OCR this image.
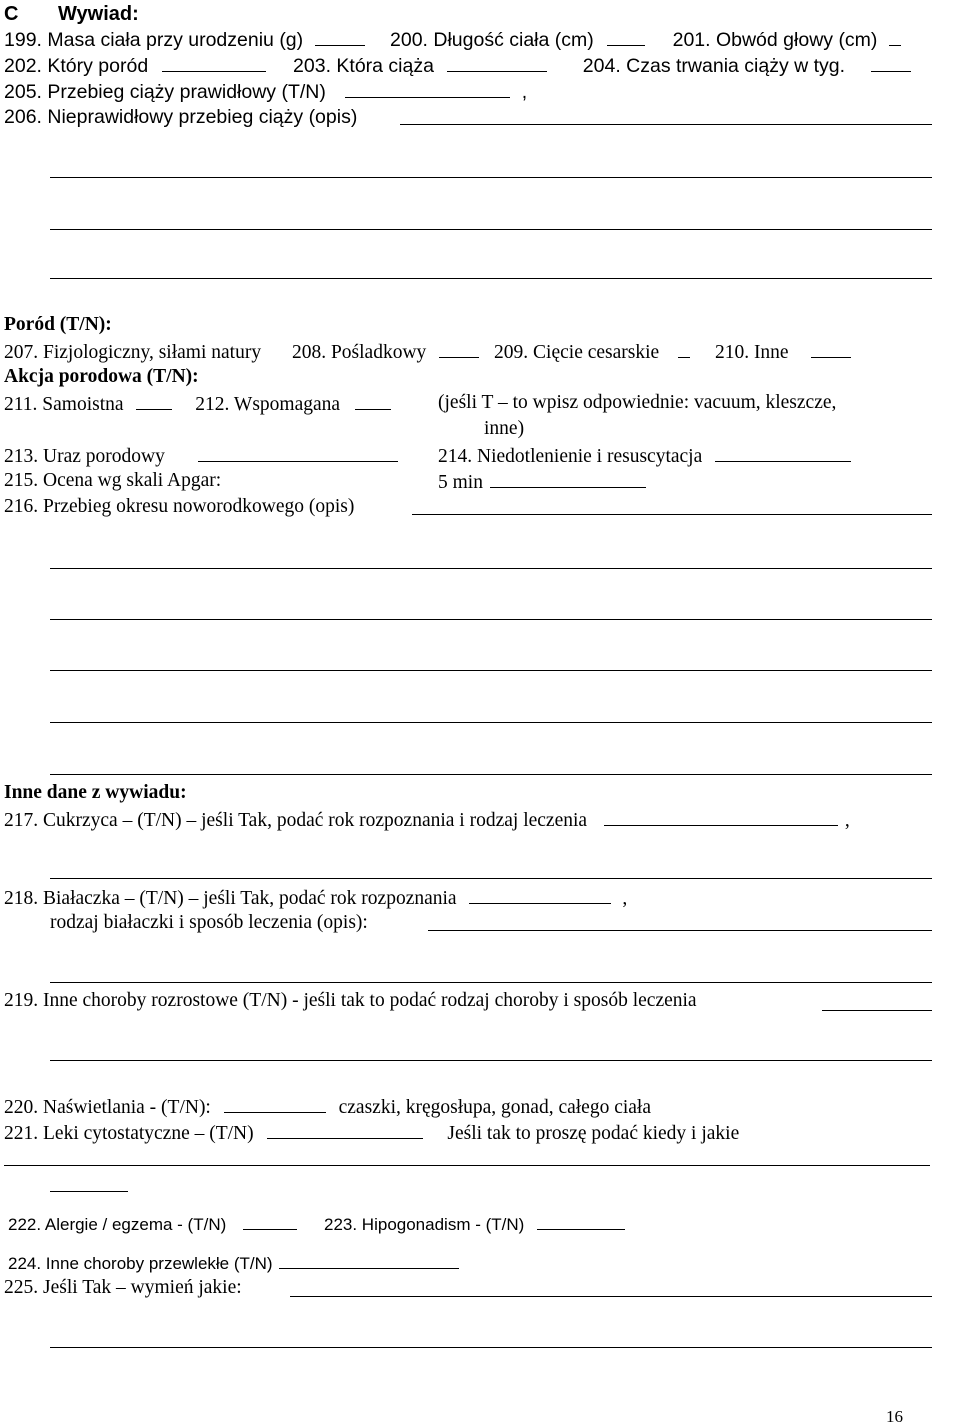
C Wywiad:
199. Masa ciała przy urodzeniu (g)	200. Długość ciała (cm)	201. Obwód głowy (cm)
202. Który poród	203. Która ciąża	204. Czas trwania ciąży w tyg.
205. Przebieg ciąży prawidłowy (T/N)	,
206. Nieprawidłowy przebieg ciąży (opis)
Poród (T/N):
207. Fizjologiczny, siłami natury 208. Pośladkowy	209. Cięcie cesarskie	210. Inne
Akcja porodowa (T/N):
211. Samoistna	212. Wspomagana	(jeśli T – to wpisz odpowiednie: vacuum, kleszcze,
inne)
213. Uraz porodowy	214. Niedotlenienie i resuscytacja
215. Ocena wg skali Apgar:	5 min
216. Przebieg okresu noworodkowego (opis)
Inne dane z wywiadu:
217. Cukrzyca – (T/N) – jeśli Tak, podać rok rozpoznania i rodzaj leczenia	,
218. Białaczka – (T/N) – jeśli Tak, podać rok rozpoznania	,
rodzaj białaczki i sposób leczenia (opis):
219. Inne choroby rozrostowe (T/N) - jeśli tak to podać rodzaj choroby i sposób leczenia
220. Naświetlania - (T/N):	czaszki, kręgosłupa, gonad, całego ciała
221. Leki cytostatyczne – (T/N)	Jeśli tak to proszę podać kiedy i jakie
222. Alergie / egzema - (T/N)	223. Hipogonadism - (T/N)
224. Inne choroby przewlekłe (T/N)
225. Jeśli Tak – wymień jakie:
16
